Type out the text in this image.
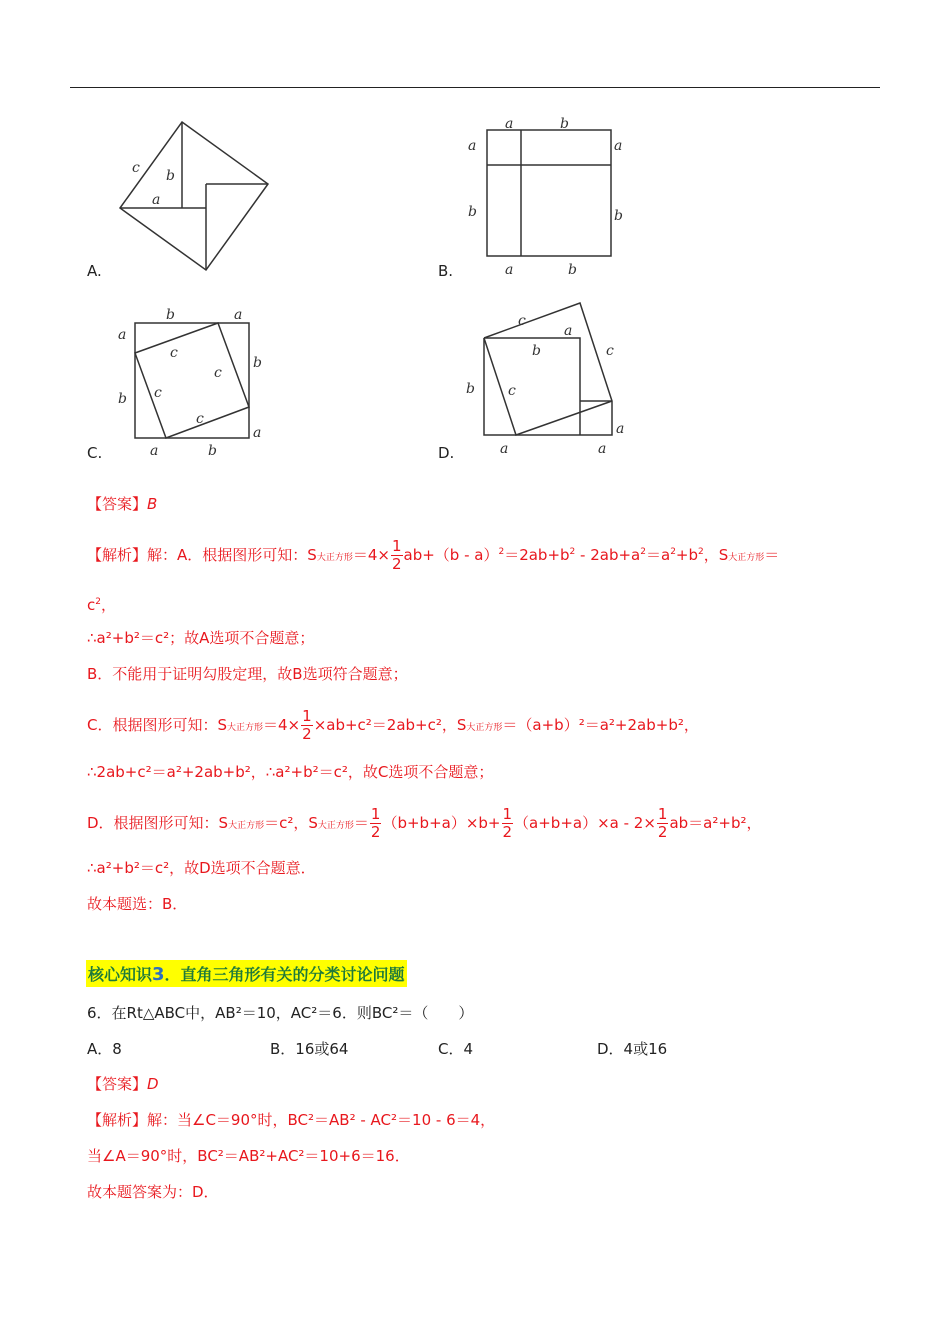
c b
a
A.
a	b
a
b
a
b
a	b
B.
b	a
a
b
b
a
a	b
c
c
c
c
C.
c
a
b	c
b c
a
a	a
D.
【答案】B
【解析】解：A．根据图形可知：S大正方形$=4\times \frac{1}{2} ab+(b - a)^2=2ab+b^2 - 2ab+a^2=a^2+b^2$，S大正方形＝
$c^2$，
∴a²+b²＝c²；故A选项不合题意；
B．不能用于证明勾股定理，故B选项符合题意；
C．根据图形可知：S大正方形$=4\times \frac{1}{2} \times ab+c^2=2ab+c^2$，S大正方形＝（a+b）²＝a²+2ab+b²，
∴2ab+c²＝a²+2ab+b²，∴a²+b²＝c²，故C选项不合题意；
D．根据图形可知：S大正方形＝c²，S大正方形＝ $\frac{1}{2} (b+b+a)\times b+ \frac{1}{2} (a+b+a)\times a - 2\times \frac{1}{2} ab=a^2+b^2$，
∴a²+b²＝c²，故D选项不合题意．
故本题选：B．
核心知识3．直角三角形有关的分类讨论问题
6．在Rt△ABC中，AB²＝10，AC²＝6．则BC²＝（　　）
A．8	B．16或64	C．4	D．4或16
【答案】D
【解析】解：当∠C＝90°时，BC²＝AB² - AC²＝10 - 6＝4，
当∠A＝90°时，BC²＝AB²+AC²＝10+6＝16．
故本题答案为：D．
